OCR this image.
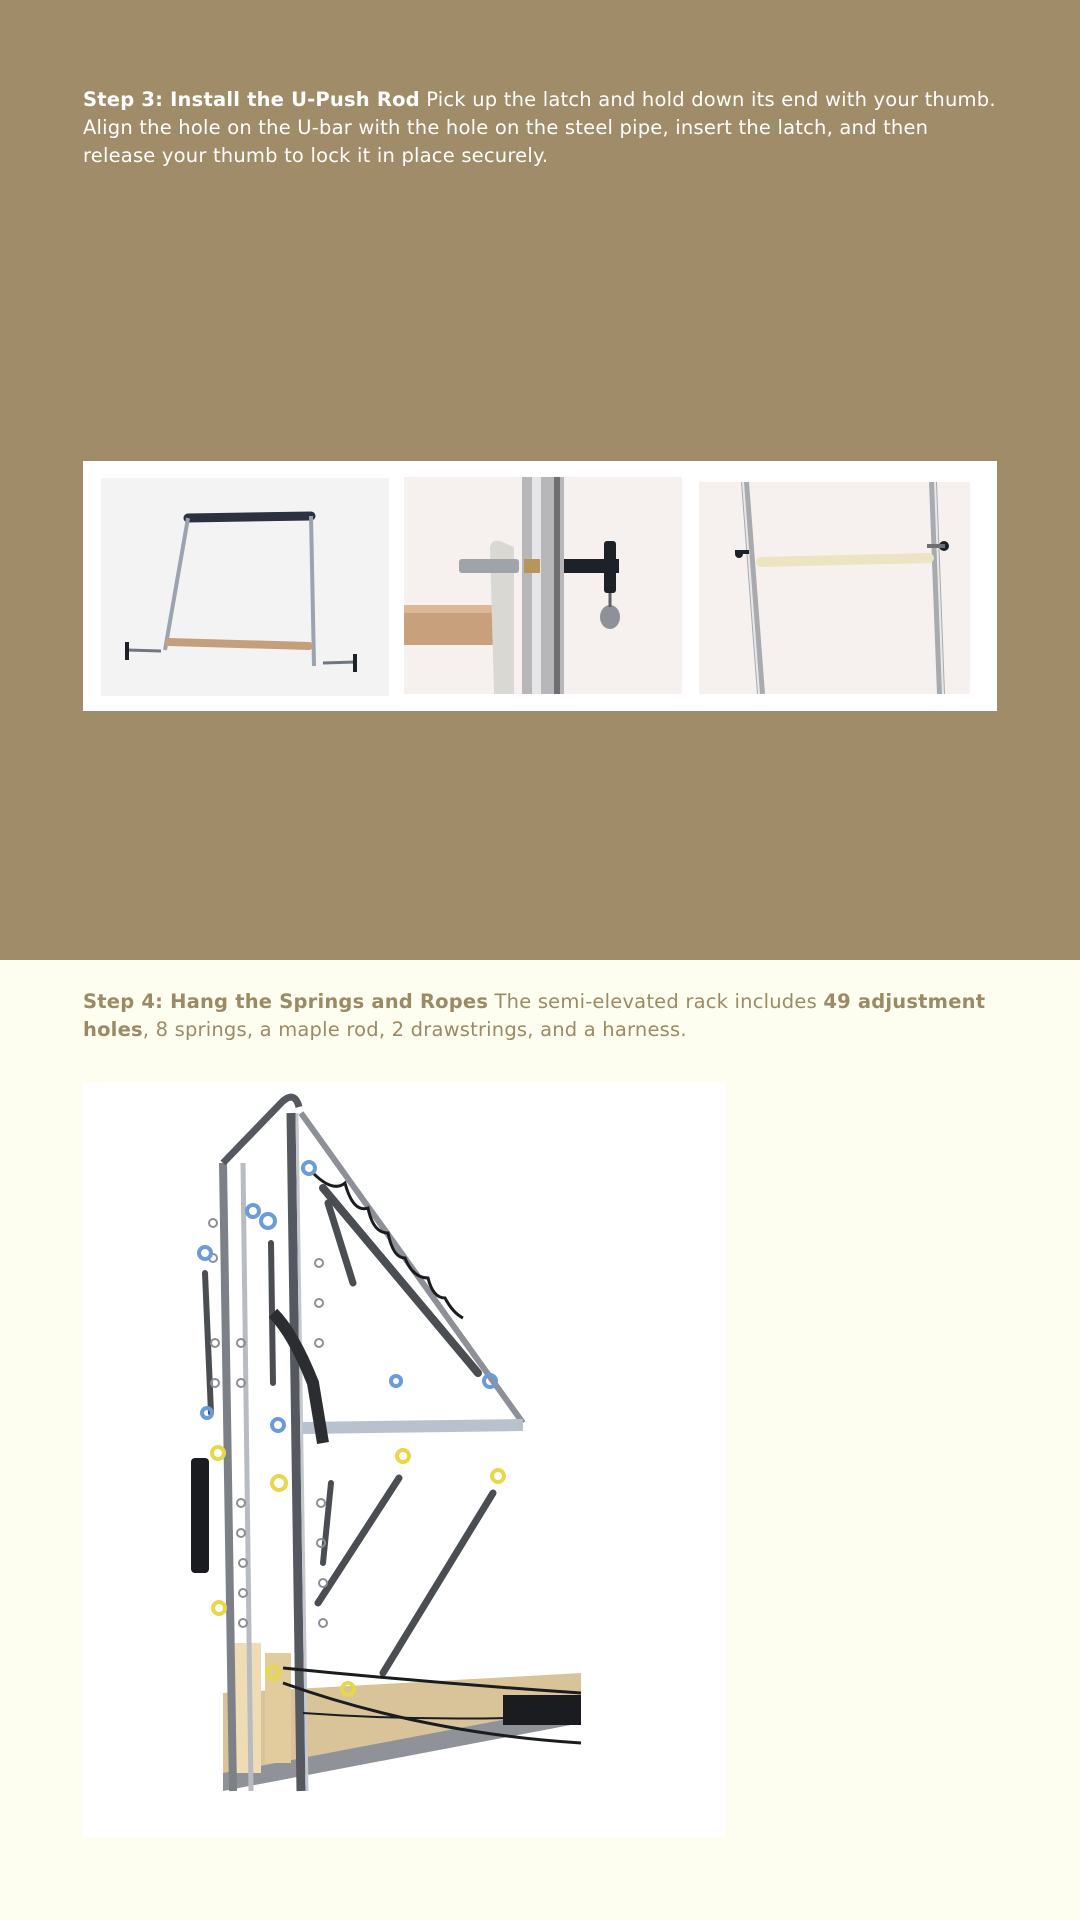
Step 3: Install the U-Push Rod Pick up the latch and hold down its end with your thumb. Align the hole on the U-bar with the hole on the steel pipe, insert the latch, and then release your thumb to lock it in place securely.

Step 4: Hang the Springs and Ropes The semi-elevated rack includes 49 adjustment holes, 8 springs, a maple rod, 2 drawstrings, and a harness.
